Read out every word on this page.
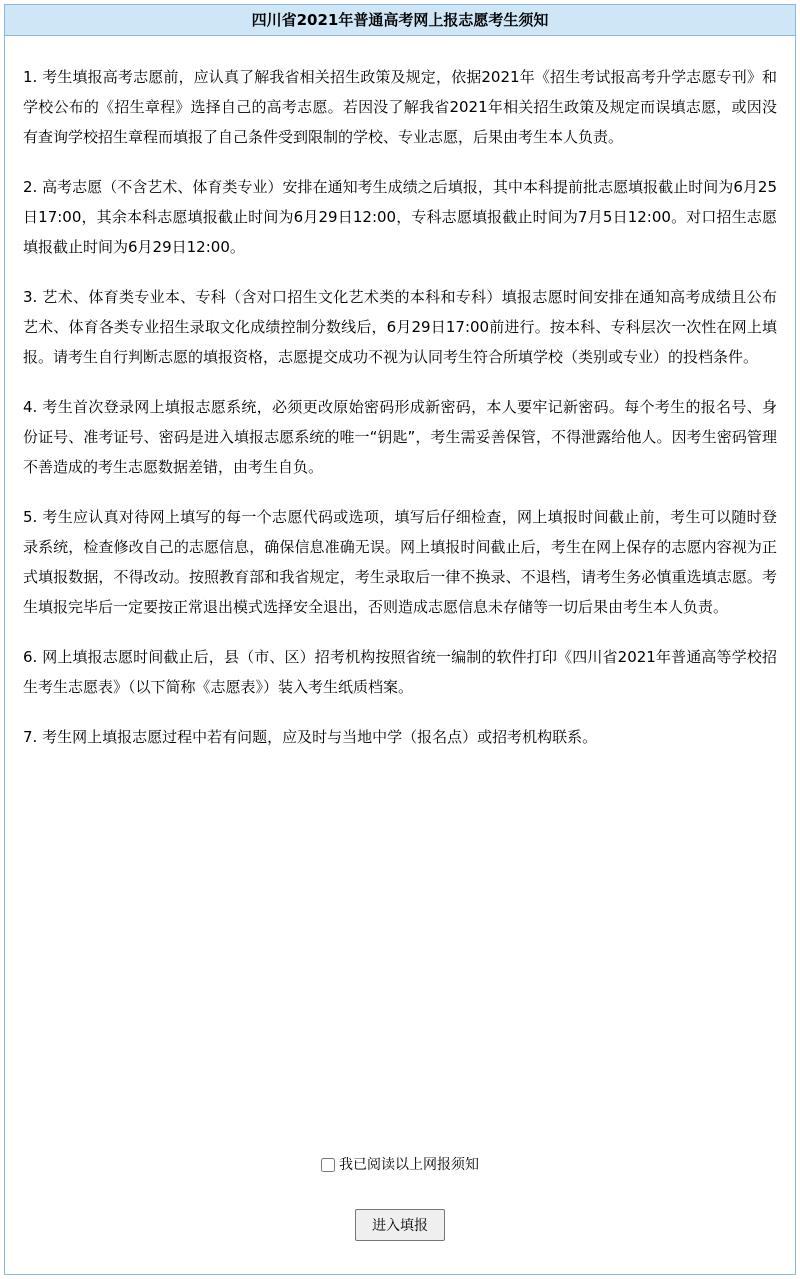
四川省2021年普通高考网上报志愿考生须知

1. 考生填报高考志愿前，应认真了解我省相关招生政策及规定，依据2021年《招生考试报高考升学志愿专刊》和学校公布的《招生章程》选择自己的高考志愿。若因没了解我省2021年相关招生政策及规定而误填志愿，或因没有查询学校招生章程而填报了自己条件受到限制的学校、专业志愿，后果由考生本人负责。

2. 高考志愿（不含艺术、体育类专业）安排在通知考生成绩之后填报，其中本科提前批志愿填报截止时间为6月25日17:00，其余本科志愿填报截止时间为6月29日12:00，专科志愿填报截止时间为7月5日12:00。对口招生志愿填报截止时间为6月29日12:00。

3. 艺术、体育类专业本、专科（含对口招生文化艺术类的本科和专科）填报志愿时间安排在通知高考成绩且公布艺术、体育各类专业招生录取文化成绩控制分数线后，6月29日17:00前进行。按本科、专科层次一次性在网上填报。请考生自行判断志愿的填报资格，志愿提交成功不视为认同考生符合所填学校（类别或专业）的投档条件。

4. 考生首次登录网上填报志愿系统，必须更改原始密码形成新密码，本人要牢记新密码。每个考生的报名号、身份证号、准考证号、密码是进入填报志愿系统的唯一“钥匙”，考生需妥善保管，不得泄露给他人。因考生密码管理不善造成的考生志愿数据差错，由考生自负。

5. 考生应认真对待网上填写的每一个志愿代码或选项，填写后仔细检查，网上填报时间截止前，考生可以随时登录系统，检查修改自己的志愿信息，确保信息准确无误。网上填报时间截止后，考生在网上保存的志愿内容视为正式填报数据，不得改动。按照教育部和我省规定，考生录取后一律不换录、不退档，请考生务必慎重选填志愿。考生填报完毕后一定要按正常退出模式选择安全退出，否则造成志愿信息未存储等一切后果由考生本人负责。

6. 网上填报志愿时间截止后，县（市、区）招考机构按照省统一编制的软件打印《四川省2021年普通高等学校招生考生志愿表》（以下简称《志愿表》）装入考生纸质档案。

7. 考生网上填报志愿过程中若有问题，应及时与当地中学（报名点）或招考机构联系。

我已阅读以上网报须知
进入填报
